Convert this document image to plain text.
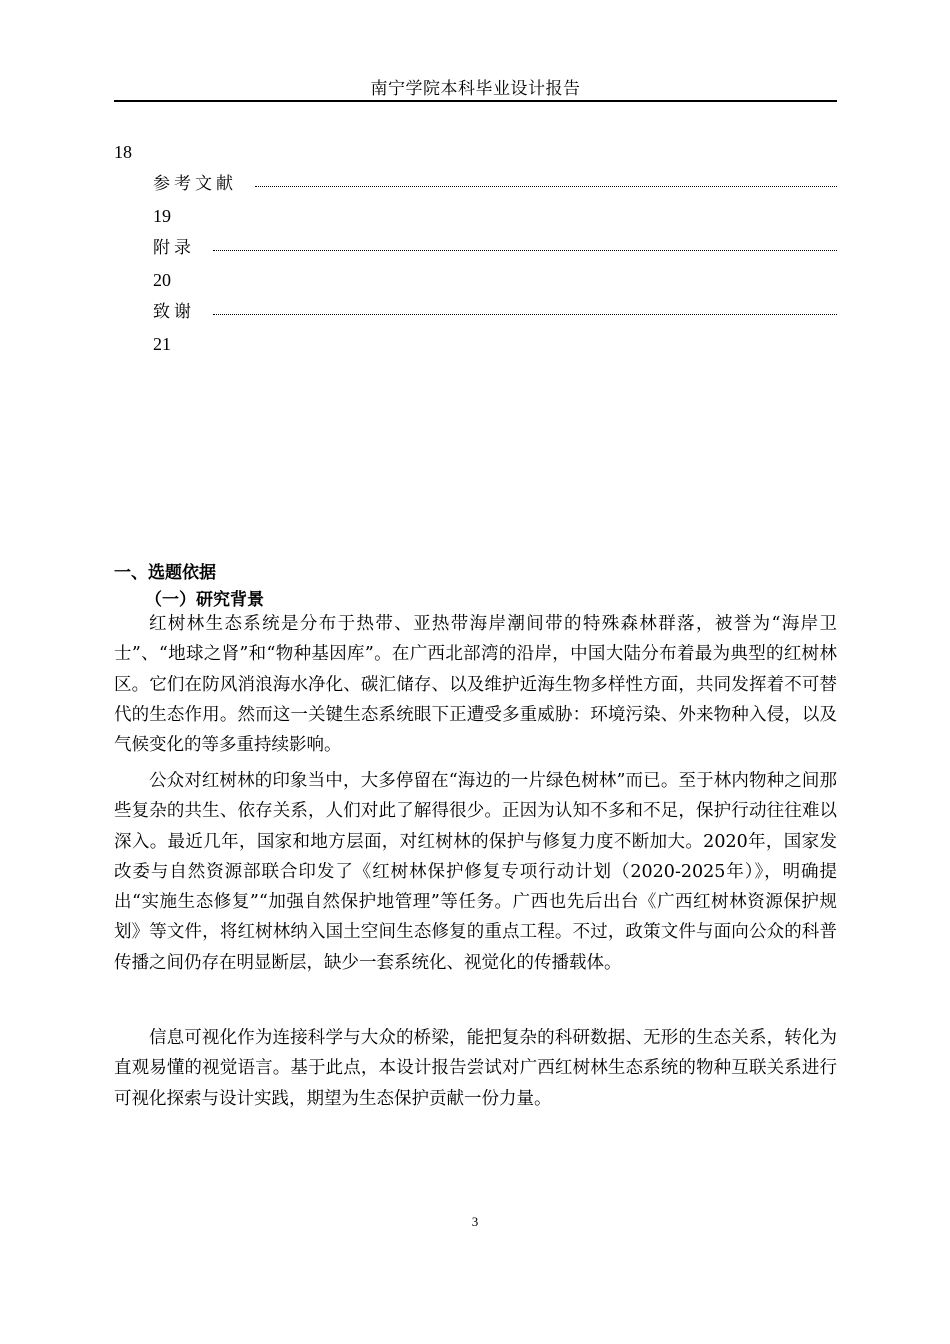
南宁学院本科毕业设计报告
18
参考文献
19
附录
20
致谢
21
一、选题依据
（一）研究背景

红树林生态系统是分布于热带、亚热带海岸潮间带的特殊森林群落，被誉为“海岸卫士”、“地球之肾”和“物种基因库”。在广西北部湾的沿岸，中国大陆分布着最为典型的红树林区。它们在防风消浪海水净化、碳汇储存、以及维护近海生物多样性方面，共同发挥着不可替代的生态作用。然而这一关键生态系统眼下正遭受多重威胁：环境污染、外来物种入侵，以及气候变化的等多重持续影响。

公众对红树林的印象当中，大多停留在“海边的一片绿色树林”而已。至于林内物种之间那些复杂的共生、依存关系，人们对此了解得很少。正因为认知不多和不足，保护行动往往难以深入。最近几年，国家和地方层面，对红树林的保护与修复力度不断加大。2020年，国家发改委与自然资源部联合印发了《红树林保护修复专项行动计划（2020-2025年）》，明确提出“实施生态修复”“加强自然保护地管理”等任务。广西也先后出台《广西红树林资源保护规划》等文件，将红树林纳入国土空间生态修复的重点工程。不过，政策文件与面向公众的科普传播之间仍存在明显断层，缺少一套系统化、视觉化的传播载体。

信息可视化作为连接科学与大众的桥梁，能把复杂的科研数据、无形的生态关系，转化为直观易懂的视觉语言。基于此点，本设计报告尝试对广西红树林生态系统的物种互联关系进行可视化探索与设计实践，期望为生态保护贡献一份力量。

3
